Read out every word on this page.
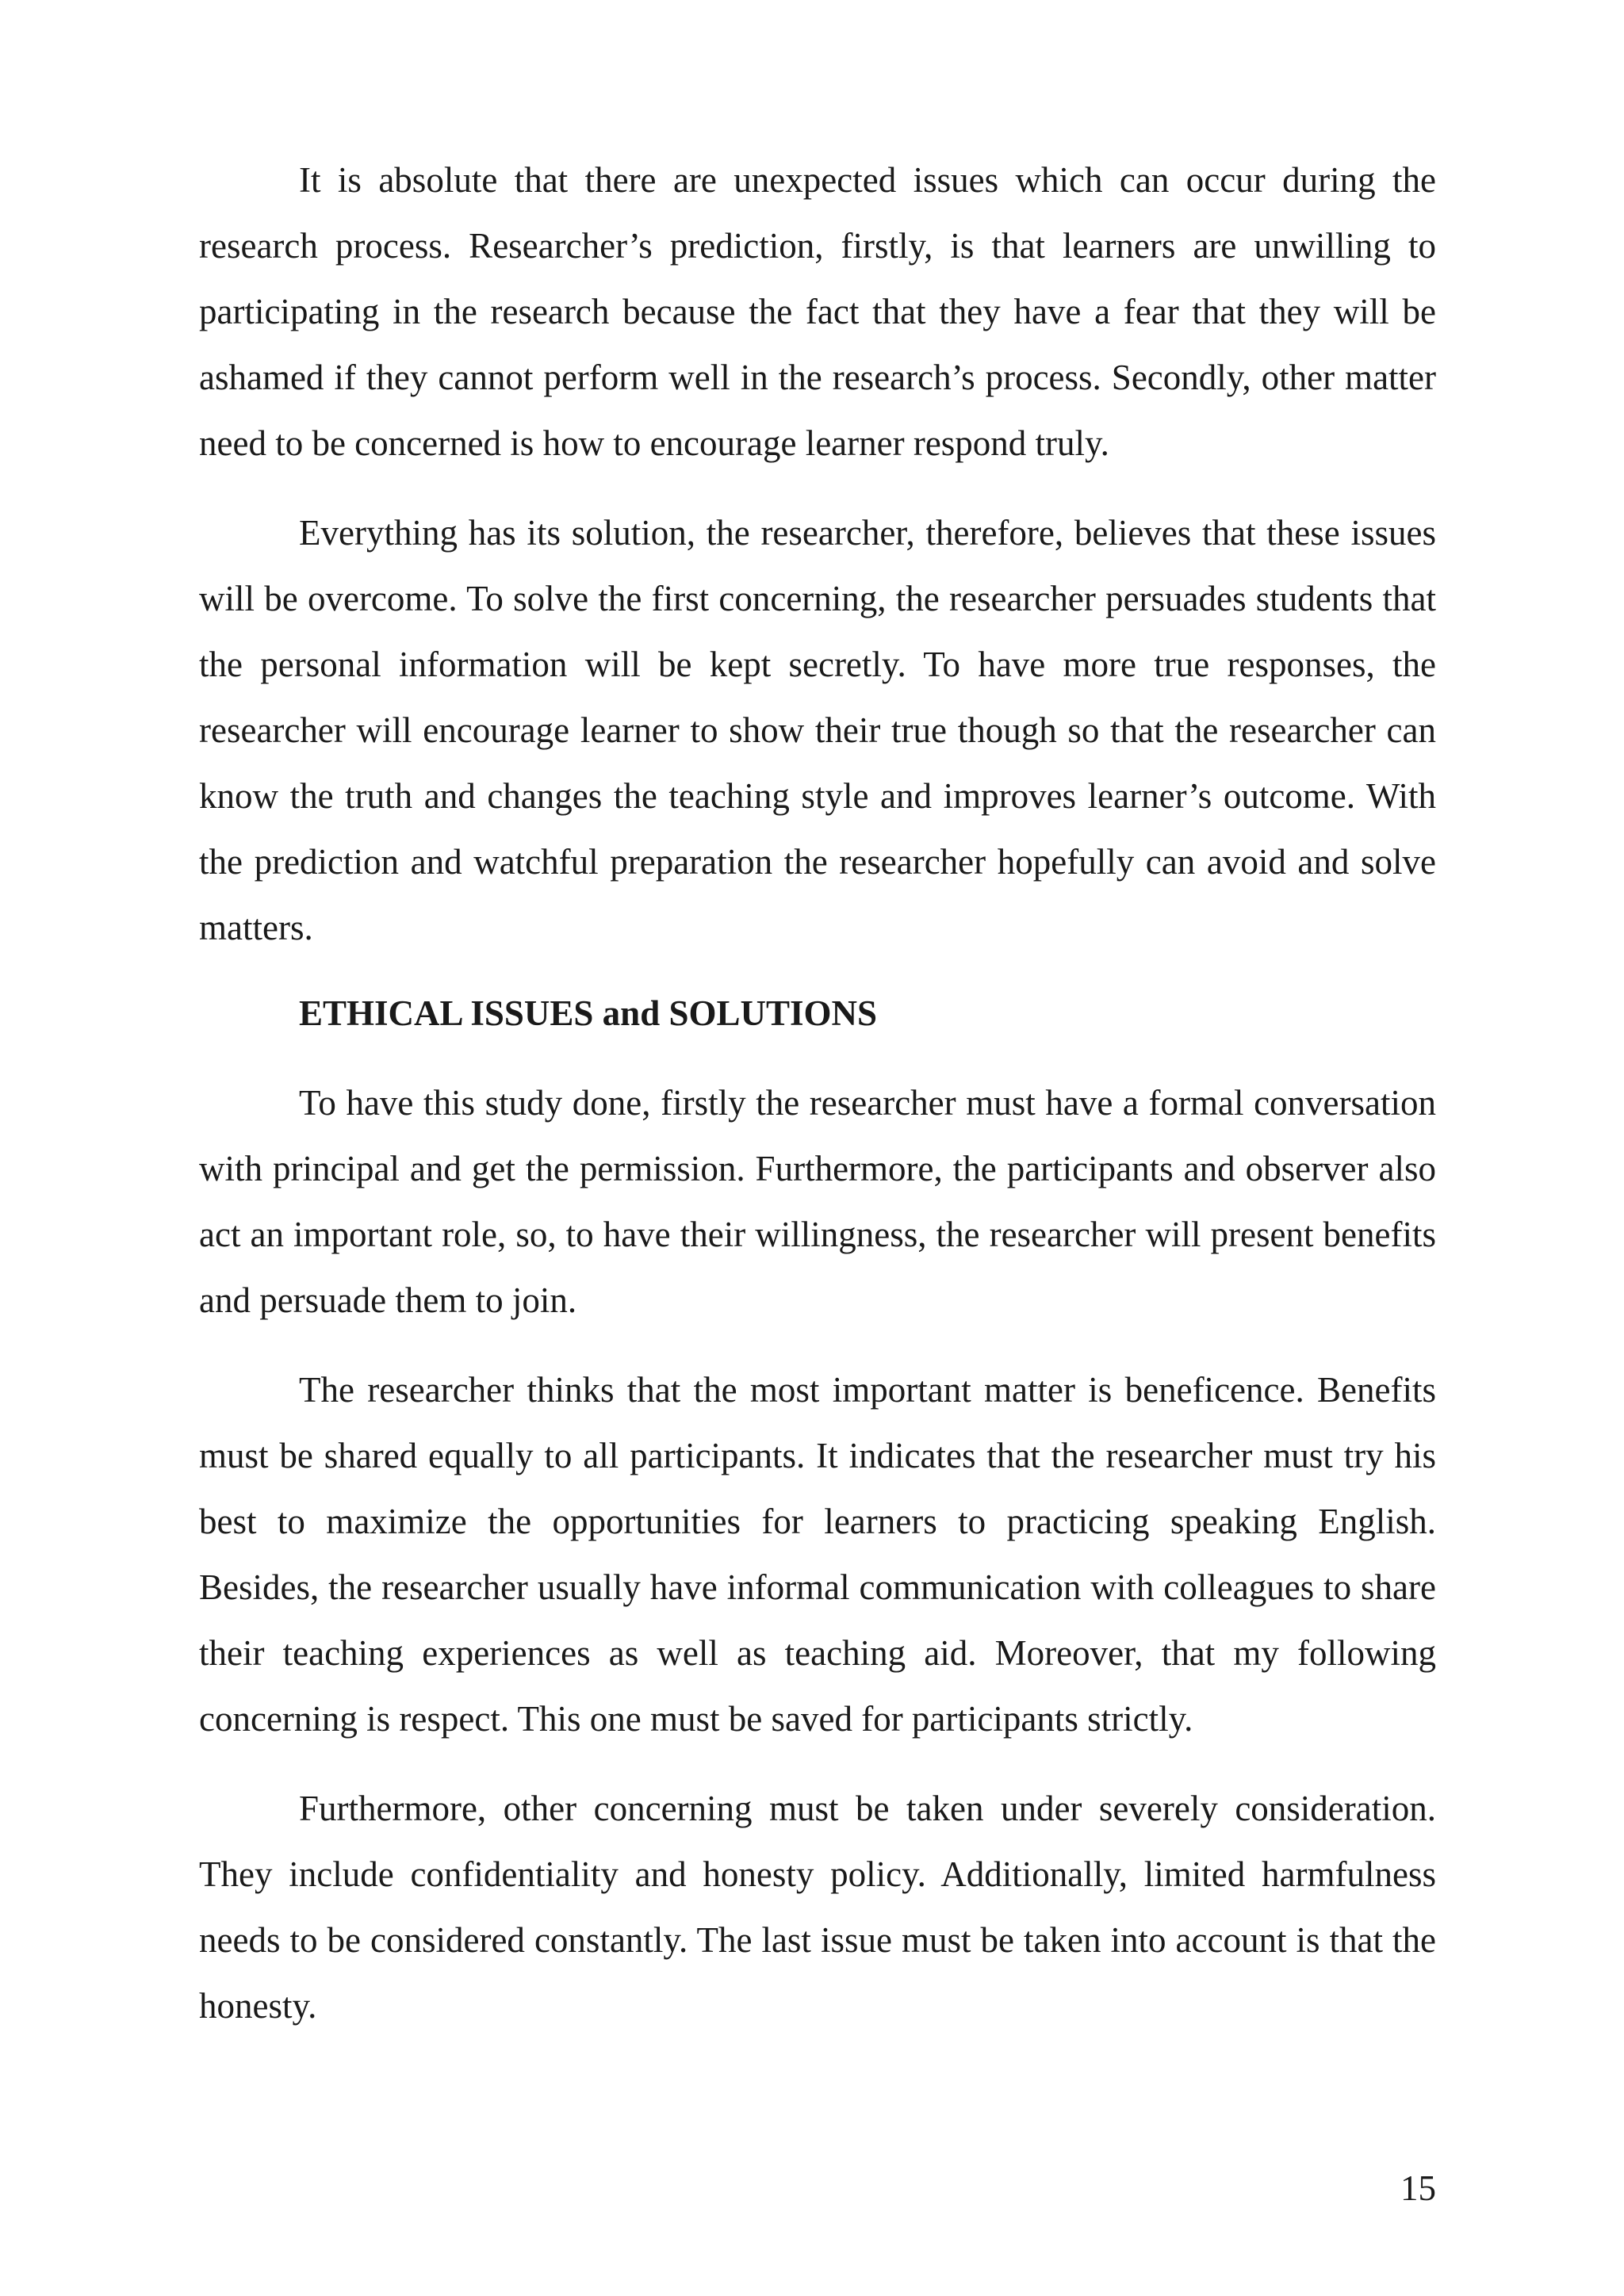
It is absolute that there are unexpected issues which can occur during the research process. Researcher’s prediction, firstly, is that learners are unwilling to participating in the research because the fact that they have a fear that they will be ashamed if they cannot perform well in the research’s process. Secondly, other matter need to be concerned is how to encourage learner respond truly.

Everything has its solution, the researcher, therefore, believes that these issues will be overcome. To solve the first concerning, the researcher persuades students that the personal information will be kept secretly. To have more true responses, the researcher will encourage learner to show their true though so that the researcher can know the truth and changes the teaching style and improves learner’s outcome. With the prediction and watchful preparation the researcher hopefully can avoid and solve matters.

ETHICAL ISSUES and SOLUTIONS

To have this study done, firstly the researcher must have a formal conversation with principal and get the permission. Furthermore, the participants and observer also act an important role, so, to have their willingness, the researcher will present benefits and persuade them to join.

The researcher thinks that the most important matter is beneficence. Benefits must be shared equally to all participants. It indicates that the researcher must try his best to maximize the opportunities for learners to practicing speaking English. Besides, the researcher usually have informal communication with colleagues to share their teaching experiences as well as teaching aid. Moreover, that my following concerning is respect. This one must be saved for participants strictly.

Furthermore, other concerning must be taken under severely consideration. They include confidentiality and honesty policy. Additionally, limited harmfulness needs to be considered constantly. The last issue must be taken into account is that the honesty.

15
